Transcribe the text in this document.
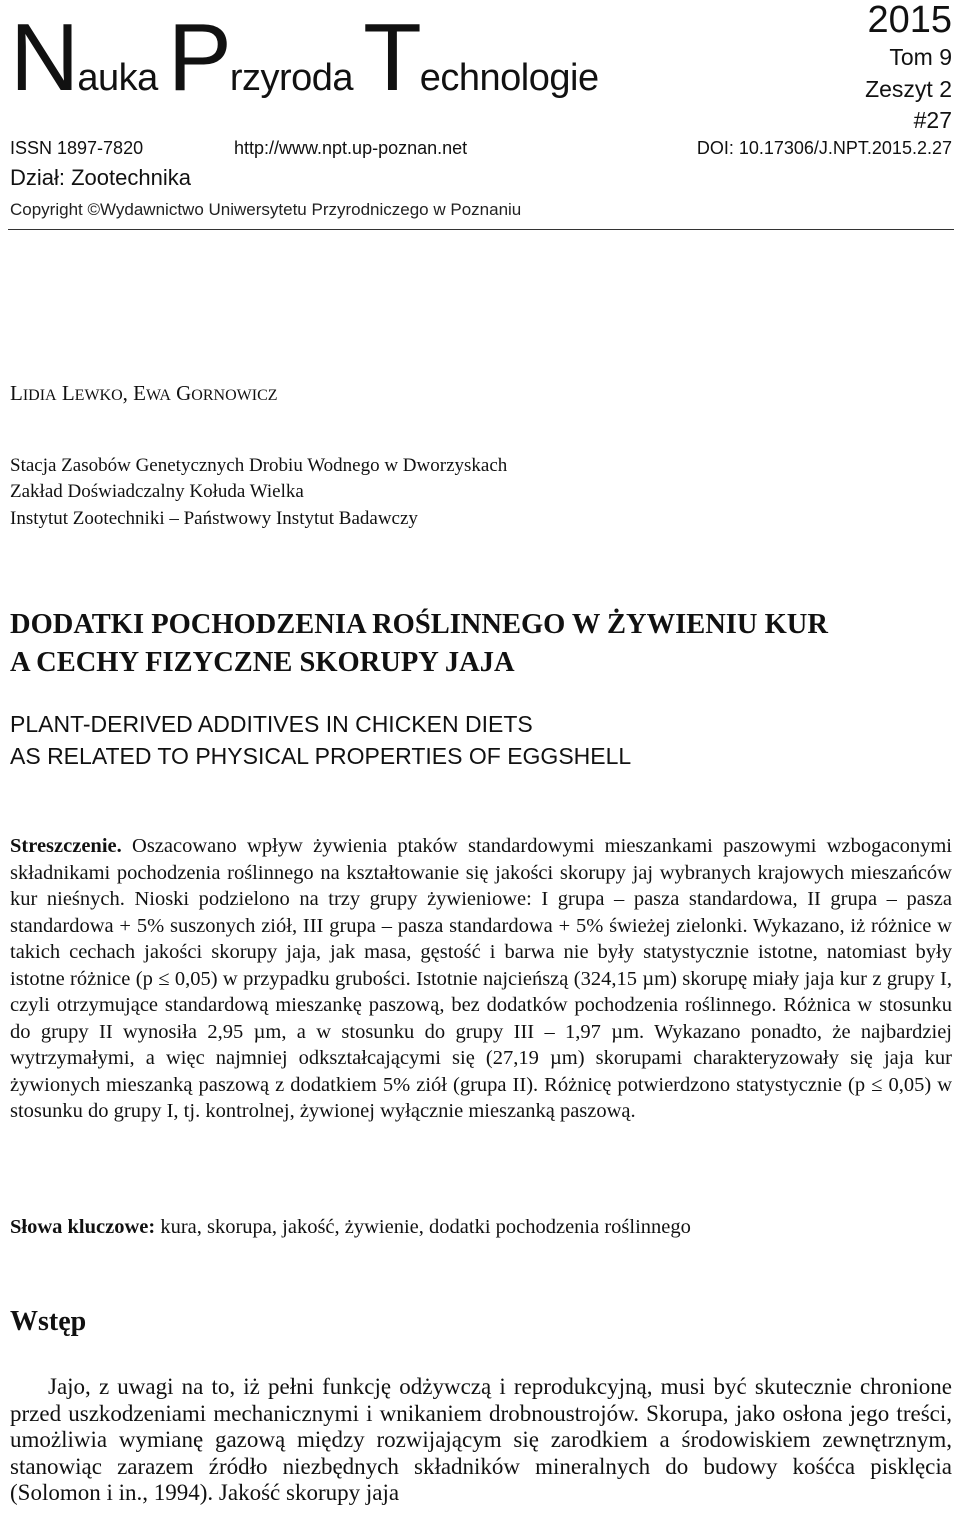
Nauka Przyroda Technologie
2015
Tom 9
Zeszyt 2
#27
ISSN 1897-7820	http://www.npt.up-poznan.net	DOI: 10.17306/J.NPT.2015.2.27
Dział: Zootechnika
Copyright ©Wydawnictwo Uniwersytetu Przyrodniczego w Poznaniu
LIDIA LEWKO, EWA GORNOWICZ
Stacja Zasobów Genetycznych Drobiu Wodnego w Dworzyskach
Zakład Doświadczalny Kołuda Wielka
Instytut Zootechniki – Państwowy Instytut Badawczy
DODATKI POCHODZENIA ROŚLINNEGO W ŻYWIENIU KUR
A CECHY FIZYCZNE SKORUPY JAJA
PLANT-DERIVED ADDITIVES IN CHICKEN DIETS
AS RELATED TO PHYSICAL PROPERTIES OF EGGSHELL
Streszczenie. Oszacowano wpływ żywienia ptaków standardowymi mieszankami paszowymi wzbogaconymi składnikami pochodzenia roślinnego na kształtowanie się jakości skorupy jaj wybranych krajowych mieszańców kur nieśnych. Nioski podzielono na trzy grupy żywieniowe: I grupa – pasza standardowa, II grupa – pasza standardowa + 5% suszonych ziół, III grupa – pasza standardowa + 5% świeżej zielonki. Wykazano, iż różnice w takich cechach jakości skorupy jaja, jak masa, gęstość i barwa nie były statystycznie istotne, natomiast były istotne różnice (p ≤ 0,05) w przypadku grubości. Istotnie najcieńszą (324,15 µm) skorupę miały jaja kur z grupy I, czyli otrzymujące standardową mieszankę paszową, bez dodatków pochodzenia roślinnego. Różnica w stosunku do grupy II wynosiła 2,95 µm, a w stosunku do grupy III – 1,97 µm. Wykazano ponadto, że najbardziej wytrzymałymi, a więc najmniej odkształcającymi się (27,19 µm) skorupami charakteryzowały się jaja kur żywionych mieszanką paszową z dodatkiem 5% ziół (grupa II). Różnicę potwierdzono statystycznie (p ≤ 0,05) w stosunku do grupy I, tj. kontrolnej, żywionej wyłącznie mieszanką paszową.
Słowa kluczowe: kura, skorupa, jakość, żywienie, dodatki pochodzenia roślinnego
Wstęp
Jajo, z uwagi na to, iż pełni funkcję odżywczą i reprodukcyjną, musi być skutecznie chronione przed uszkodzeniami mechanicznymi i wnikaniem drobnoustrojów. Skorupa, jako osłona jego treści, umożliwia wymianę gazową między rozwijającym się zarodkiem a środowiskiem zewnętrznym, stanowiąc zarazem źródło niezbędnych składników mineralnych do budowy kośćca pisklęcia (Solomon i in., 1994). Jakość skorupy jaja
